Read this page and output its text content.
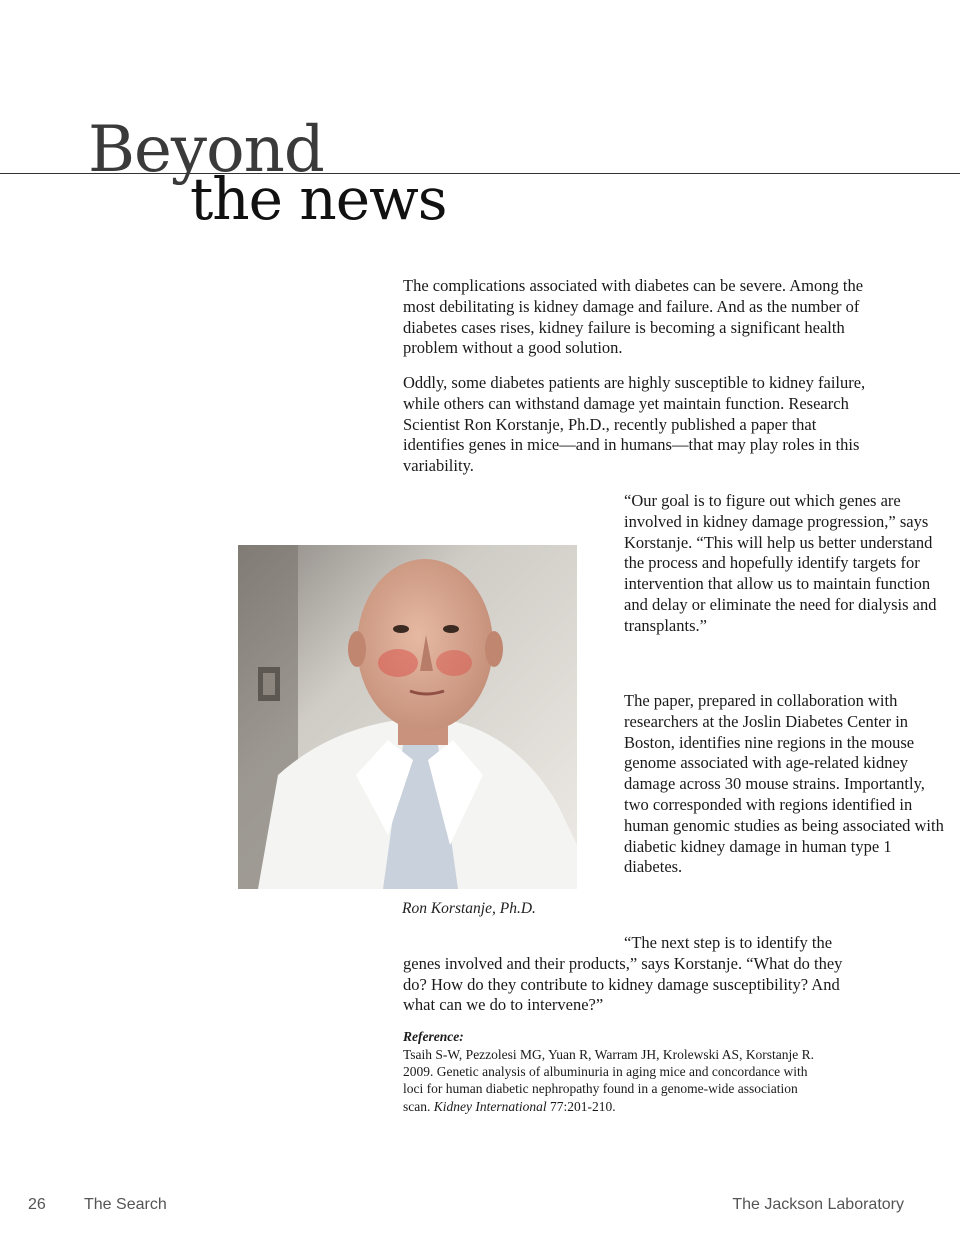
Beyond
the news

The complications associated with diabetes can be severe. Among the most debilitating is kidney damage and failure. And as the number of diabetes cases rises, kidney failure is becoming a significant health problem without a good solution.

Oddly, some diabetes patients are highly susceptible to kidney failure, while others can withstand damage yet maintain function. Research Scientist Ron Korstanje, Ph.D., recently published a paper that identifies genes in mice—and in humans—that may play roles in this variability.

“Our goal is to figure out which genes are involved in kidney damage progression,” says Korstanje. “This will help us better understand the process and hopefully identify targets for intervention that allow us to maintain function and delay or eliminate the need for dialysis and transplants.”

Ron Korstanje, Ph.D.

The paper, prepared in collaboration with researchers at the Joslin Diabetes Center in Boston, identifies nine regions in the mouse genome associated with age-related kidney damage across 30 mouse strains. Importantly, two corresponded with regions identified in human genomic studies as being associated with diabetic kidney damage in human type 1 diabetes.

“The next step is to identify the genes involved and their products,” says Korstanje. “What do they do? How do they contribute to kidney damage susceptibility? And what can we do to intervene?”

Reference:

Tsaih S-W, Pezzolesi MG, Yuan R, Warram JH, Krolewski AS, Korstanje R. 2009. Genetic analysis of albuminuria in aging mice and concordance with loci for human diabetic nephropathy found in a genome-wide association scan. Kidney International 77:201-210.

26 The Search	The Jackson Laboratory
